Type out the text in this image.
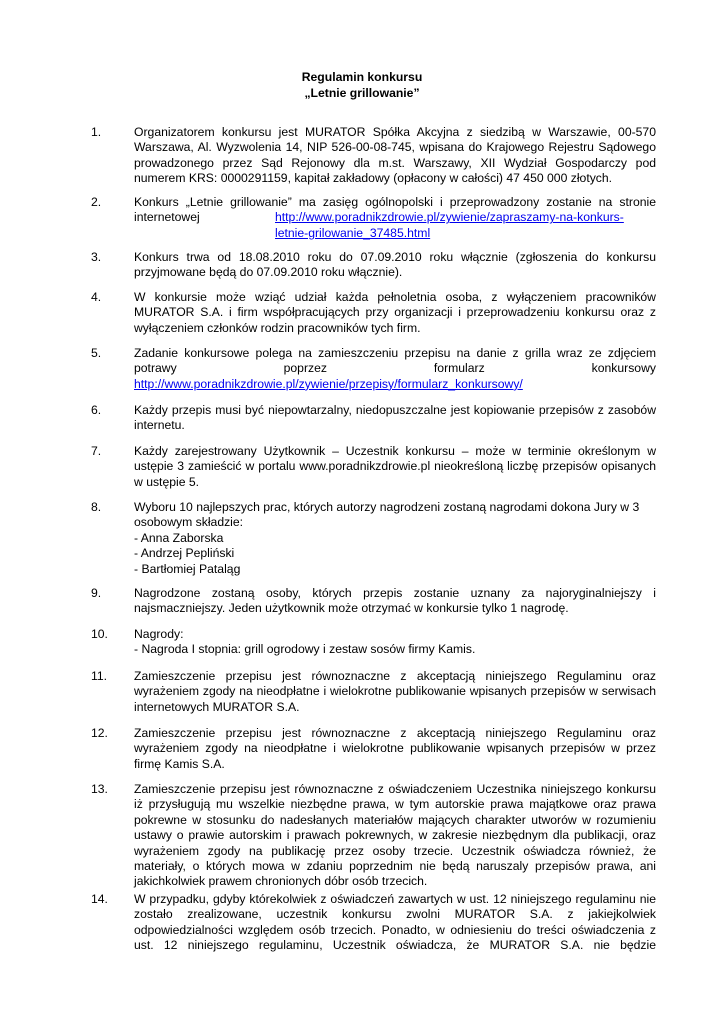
Regulamin konkursu
„Letnie grillowanie”
1.	Organizatorem konkursu jest MURATOR Spółka Akcyjna z siedzibą w Warszawie, 00-570 Warszawa, Al. Wyzwolenia 14, NIP 526-00-08-745, wpisana do Krajowego Rejestru Sądowego prowadzonego przez Sąd Rejonowy dla m.st. Warszawy, XII Wydział Gospodarczy pod numerem KRS: 0000291159, kapitał zakładowy (opłacony w całości) 47 450 000 złotych.

2.	Konkurs „Letnie grillowanie” ma zasięg ogólnopolski i przeprowadzony zostanie na stronie internetowej	http://www.poradnikzdrowie.pl/zywienie/zapraszamy-na-konkurs-letnie-grilowanie_37485.html

3.	Konkurs trwa od 18.08.2010 roku do 07.09.2010 roku włącznie (zgłoszenia do konkursu przyjmowane będą do 07.09.2010 roku włącznie).

4.	W konkursie może wziąć udział każda pełnoletnia osoba, z wyłączeniem pracowników MURATOR S.A. i firm współpracujących przy organizacji i przeprowadzeniu konkursu oraz z wyłączeniem członków rodzin pracowników tych firm.

5.	Zadanie konkursowe polega na zamieszczeniu przepisu na danie z grilla wraz ze zdjęciem potrawy poprzez formularz konkursowy

http://www.poradnikzdrowie.pl/zywienie/przepisy/formularz_konkursowy/

6.	Każdy przepis musi być niepowtarzalny, niedopuszczalne jest kopiowanie przepisów z zasobów internetu.

7.	Każdy zarejestrowany Użytkownik – Uczestnik konkursu – może w terminie określonym w ustępie 3 zamieścić w portalu www.poradnikzdrowie.pl nieokreśloną liczbę przepisów opisanych w ustępie 5.

8.	Wyboru 10 najlepszych prac, których autorzy nagrodzeni zostaną nagrodami dokona Jury w 3 osobowym składzie:

- Anna Zaborska
- Andrzej Pepliński
- Bartłomiej Pataląg
9.	Nagrodzone zostaną osoby, których przepis zostanie uznany za najoryginalniejszy i najsmaczniejszy. Jeden użytkownik może otrzymać w konkursie tylko 1 nagrodę.

10. Nagrody:

- Nagroda I stopnia: grill ogrodowy i zestaw sosów firmy Kamis.
11. Zamieszczenie przepisu jest równoznaczne z akceptacją niniejszego Regulaminu oraz wyrażeniem zgody na nieodpłatne i wielokrotne publikowanie wpisanych przepisów w serwisach internetowych MURATOR S.A.

12. Zamieszczenie przepisu jest równoznaczne z akceptacją niniejszego Regulaminu oraz wyrażeniem zgody na nieodpłatne i wielokrotne publikowanie wpisanych przepisów w przez firmę Kamis S.A.

13. Zamieszczenie przepisu jest równoznaczne z oświadczeniem Uczestnika niniejszego konkursu iż przysługują mu wszelkie niezbędne prawa, w tym autorskie prawa majątkowe oraz prawa pokrewne w stosunku do nadesłanych materiałów mających charakter utworów w rozumieniu ustawy o prawie autorskim i prawach pokrewnych, w zakresie niezbędnym dla publikacji, oraz wyrażeniem zgody na publikację przez osoby trzecie. Uczestnik oświadcza również, że materiały, o których mowa w zdaniu poprzednim nie będą naruszaly przepisów prawa, ani jakichkolwiek prawem chronionych dóbr osób trzecich.

14. W przypadku, gdyby którekolwiek z oświadczeń zawartych w ust. 12 niniejszego regulaminu nie zostało zrealizowane, uczestnik konkursu zwolni MURATOR S.A. z jakiejkolwiek odpowiedzialności względem osób trzecich. Ponadto, w odniesieniu do treści oświadczenia z ust. 12 niniejszego regulaminu, Uczestnik oświadcza, że MURATOR S.A. nie będzie
